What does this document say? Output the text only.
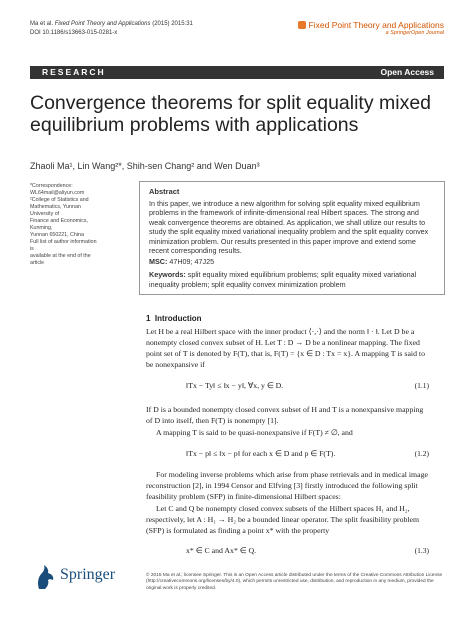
Ma et al. Fixed Point Theory and Applications (2015) 2015:31
DOI 10.1186/s13663-015-0281-x
Fixed Point Theory and Applications
a SpringerOpen Journal
RESEARCH	Open Access
Convergence theorems for split equality mixed equilibrium problems with applications
Zhaoli Ma¹, Lin Wang²*, Shih-sen Chang² and Wen Duan³
*Correspondence:
WL64mail@aliyun.com
²College of Statistics and
Mathematics, Yunnan University of
Finance and Economics, Kunming,
Yunnan 650221, China
Full list of author information is
available at the end of the article
Abstract

In this paper, we introduce a new algorithm for solving split equality mixed equilibrium problems in the framework of infinite-dimensional real Hilbert spaces. The strong and weak convergence theorems are obtained. As application, we shall utilize our results to study the split equality mixed variational inequality problem and the split equality convex minimization problem. Our results presented in this paper improve and extend some recent corresponding results.

MSC: 47H09; 47J25

Keywords: split equality mixed equilibrium problems; split equality mixed variational inequality problem; split equality convex minimization problem

1 Introduction
Let H be a real Hilbert space with the inner product ⟨·,·⟩ and the norm ‖ · ‖. Let D be a nonempty closed convex subset of H. Let T : D → D be a nonlinear mapping. The fixed point set of T is denoted by F(T), that is, F(T) = {x ∈ D : Tx = x}. A mapping T is said to be nonexpansive if
‖Tx − Ty‖ ≤ ‖x − y‖, ∀x, y ∈ D.	(1.1)
If D is a bounded nonempty closed convex subset of H and T is a nonexpansive mapping of D into itself, then F(T) is nonempty [1].
A mapping T is said to be quasi-nonexpansive if F(T) ≠ ∅, and
‖Tx − p‖ ≤ ‖x − p‖ for each x ∈ D and p ∈ F(T).	(1.2)
For modeling inverse problems which arise from phase retrievals and in medical image reconstruction [2], in 1994 Censor and Elfving [3] firstly introduced the following split feasibility problem (SFP) in finite-dimensional Hilbert spaces:
Let C and Q be nonempty closed convex subsets of the Hilbert spaces H₁ and H₂, respectively, let A : H₁ → H₂ be a bounded linear operator. The split feasibility problem (SFP) is formulated as finding a point x* with the property
x* ∈ C and Ax* ∈ Q.	(1.3)
Springer	© 2015 Ma et al.; licensee Springer. This is an Open Access article distributed under the terms of the Creative Commons Attribution License (http://creativecommons.org/licenses/by/4.0), which permits unrestricted use, distribution, and reproduction in any medium, provided the original work is properly credited.
